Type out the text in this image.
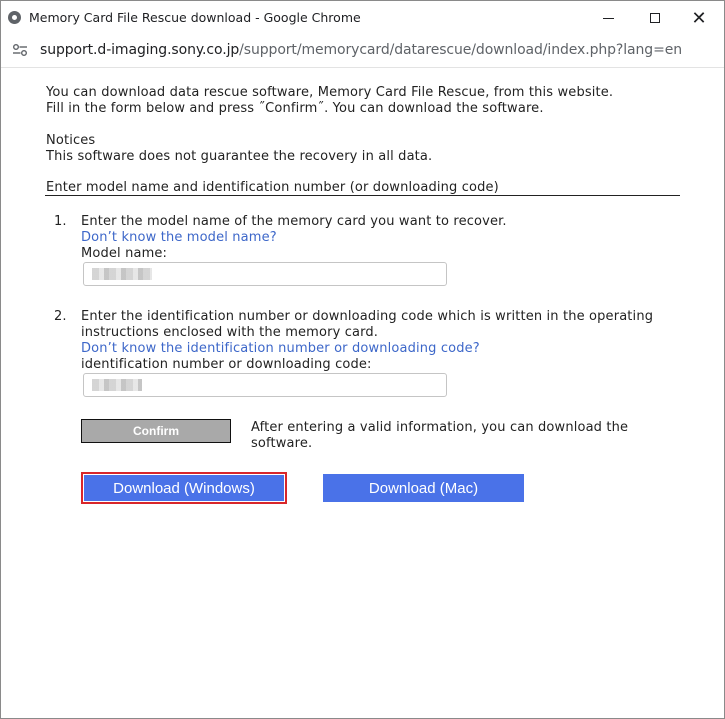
Memory Card File Rescue download - Google Chrome	✕
support.d-imaging.sony.co.jp/support/memorycard/datarescue/download/index.php?lang=en
You can download data rescue software, Memory Card File Rescue, from this website.
Fill in the form below and press ˝Confirm˝. You can download the software.
Notices
This software does not guarantee the recovery in all data.
Enter model name and identification number (or downloading code)
1. Enter the model name of the memory card you want to recover.
Don’t know the model name?
Model name:
2. Enter the identification number or downloading code which is written in the operating
instructions enclosed with the memory card.
Don’t know the identification number or downloading code?
identification number or downloading code:
Confirm	After entering a valid information, you can download the
software.
Download (Windows)	Download (Mac)
